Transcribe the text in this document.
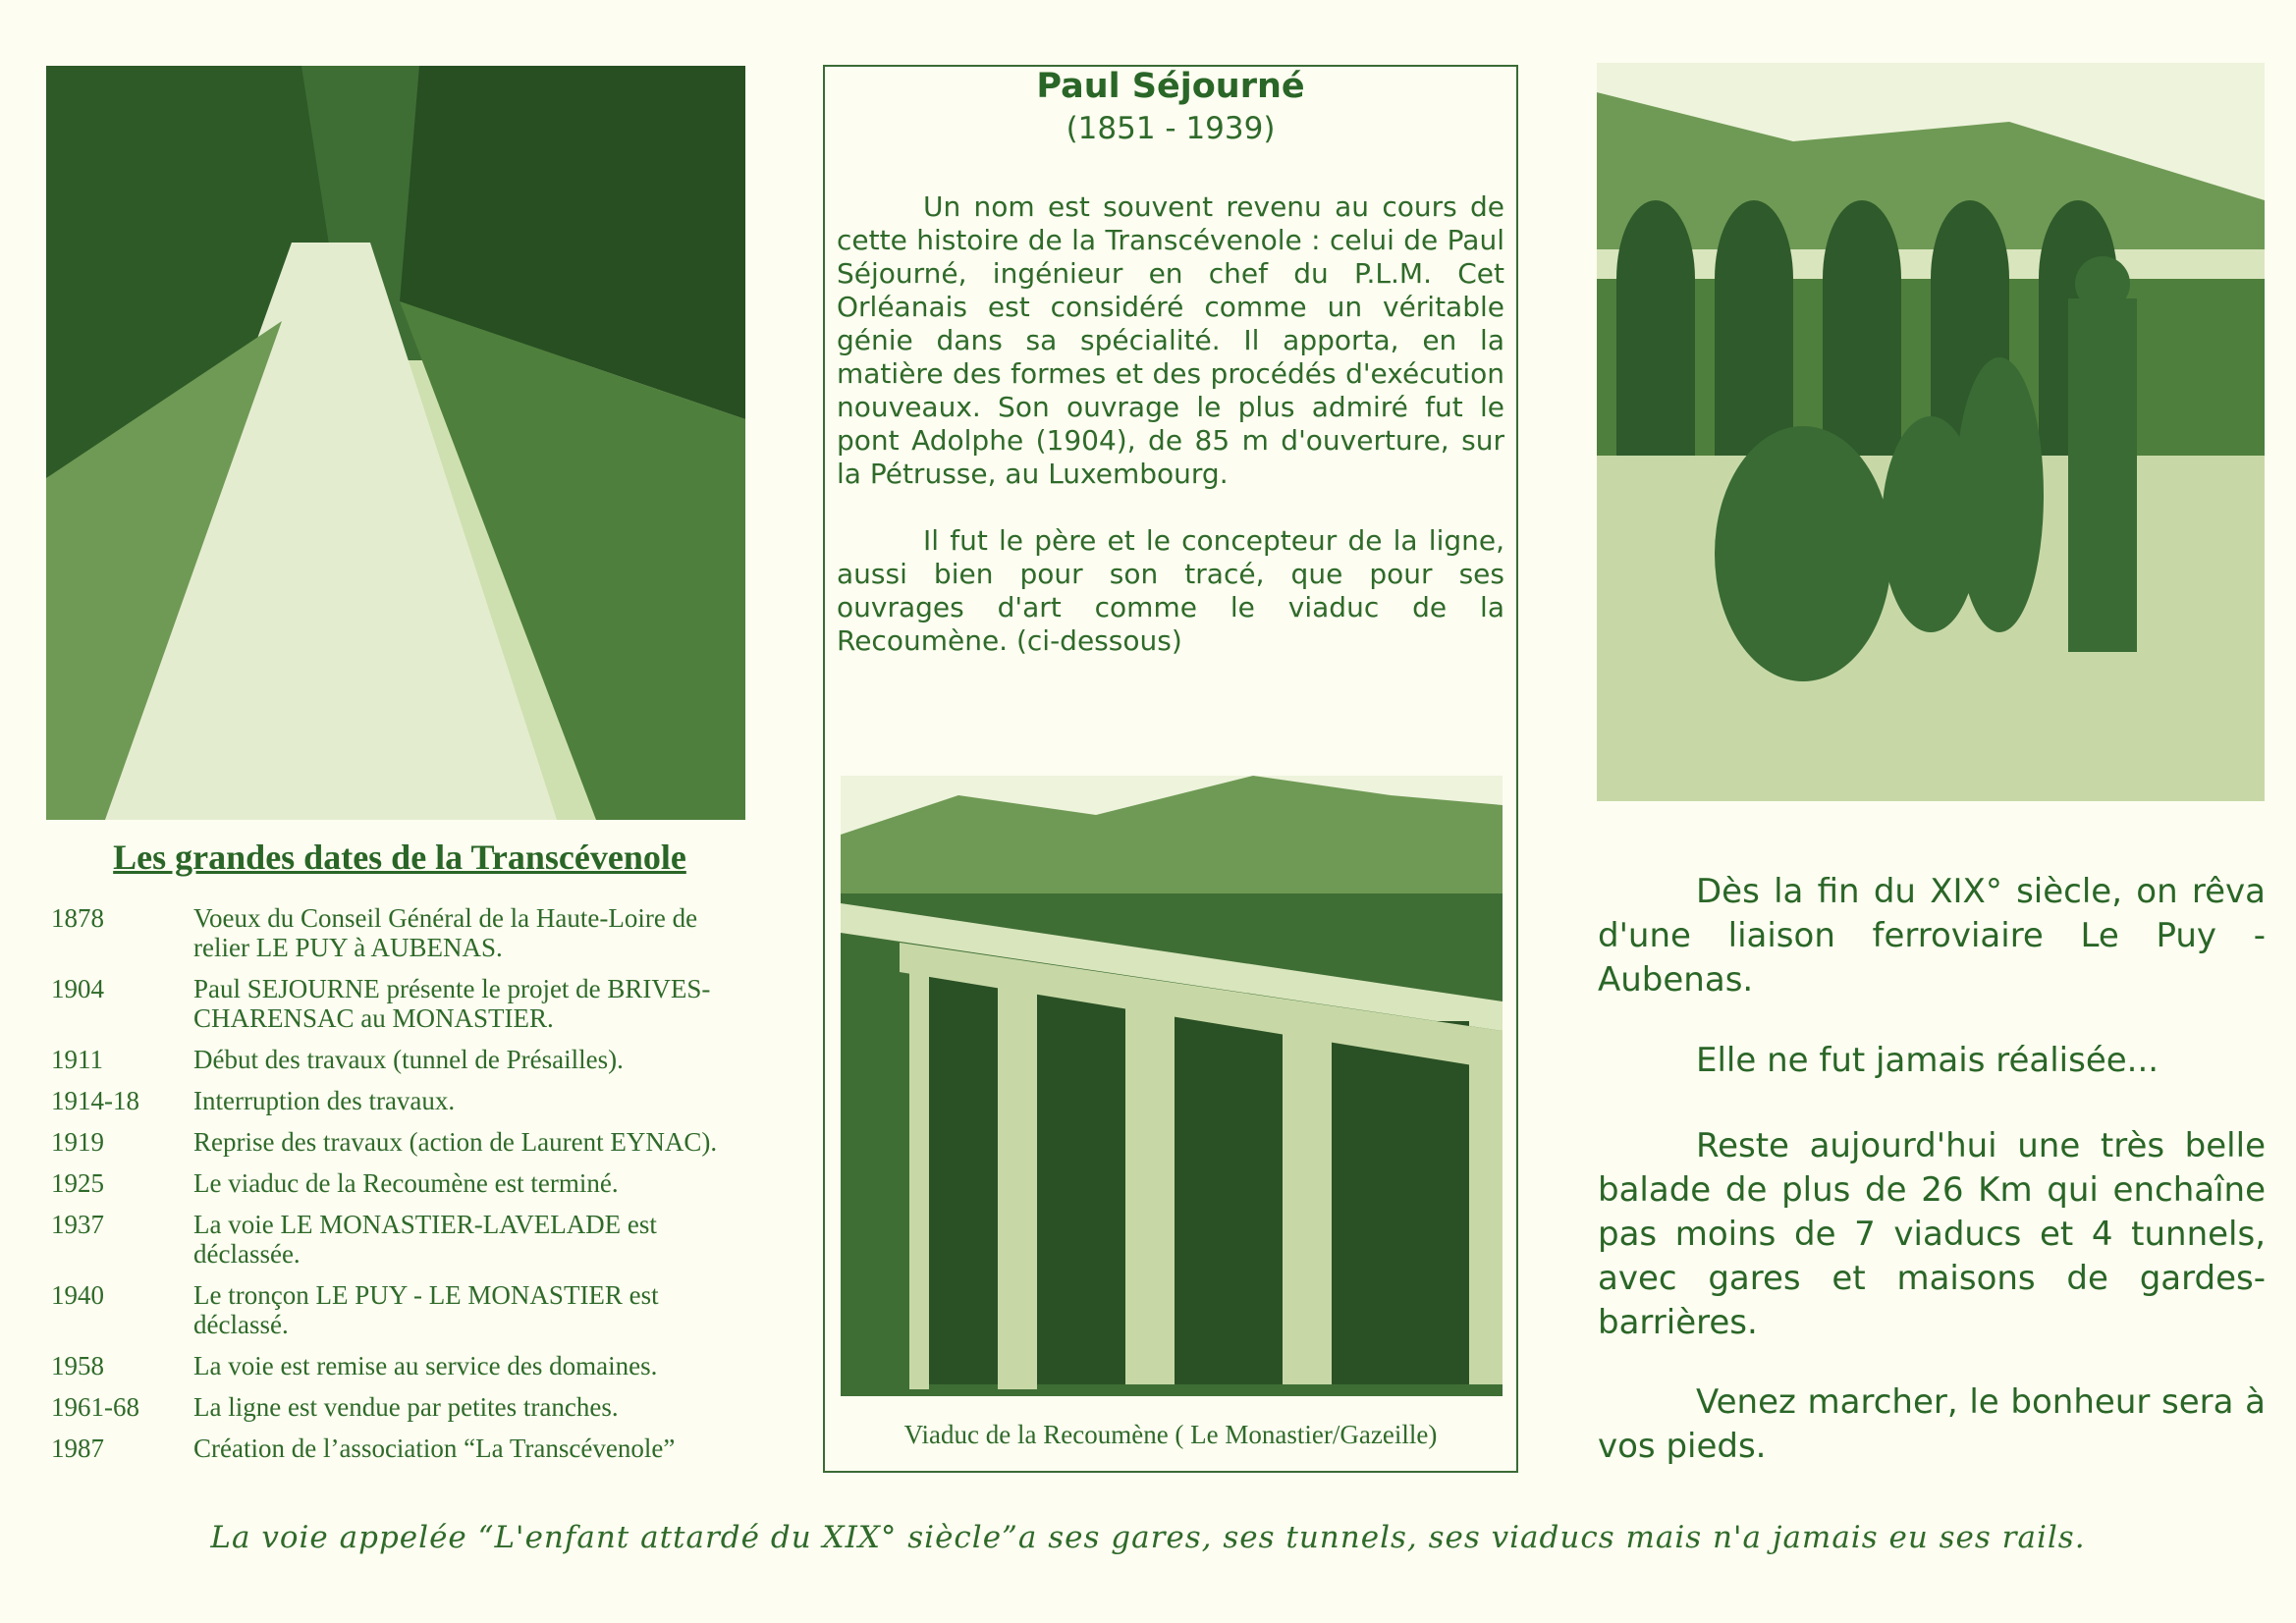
Les grandes dates de la Transcévenole
1878	Voeux du Conseil Général de la Haute-Loire de relier LE PUY à AUBENAS.
1904	Paul SEJOURNE présente le projet de BRIVES-CHARENSAC au MONASTIER.
1911	Début des travaux (tunnel de Présailles).
1914-18	Interruption des travaux.
1919	Reprise des travaux (action de Laurent EYNAC).
1925	Le viaduc de la Recoumène est terminé.
1937	La voie LE MONASTIER-LAVELADE est déclassée.
1940	Le tronçon LE PUY - LE MONASTIER est déclassé.
1958	La voie est remise au service des domaines.
1961-68	La ligne est vendue par petites tranches.
1987	Création de l’association “La Transcévenole”
Paul Séjourné
(1851 - 1939)
Un nom est souvent revenu au cours de cette histoire de la Transcévenole : celui de Paul Séjourné, ingénieur en chef du P.L.M. Cet Orléanais est considéré comme un véritable génie dans sa spécialité. Il apporta, en la matière des formes et des procédés d'exécution nouveaux. Son ouvrage le plus admiré fut le pont Adolphe (1904), de 85 m d'ouverture, sur la Pétrusse, au Luxembourg.
Il fut le père et le concepteur de la ligne, aussi bien pour son tracé, que pour ses ouvrages d'art comme le viaduc de la Recoumène. (ci-dessous)
Viaduc de la Recoumène ( Le Monastier/Gazeille)
Dès la fin du XIX° siècle, on rêva d'une liaison ferroviaire Le Puy - Aubenas.
Elle ne fut jamais réalisée...
Reste aujourd'hui une très belle balade de plus de 26 Km qui enchaîne pas moins de 7 viaducs et 4 tunnels, avec gares et maisons de gardes-barrières.
Venez marcher, le bonheur sera à vos pieds.
La voie appelée “L'enfant attardé du XIX° siècle”a ses gares, ses tunnels, ses viaducs mais n'a jamais eu ses rails.
